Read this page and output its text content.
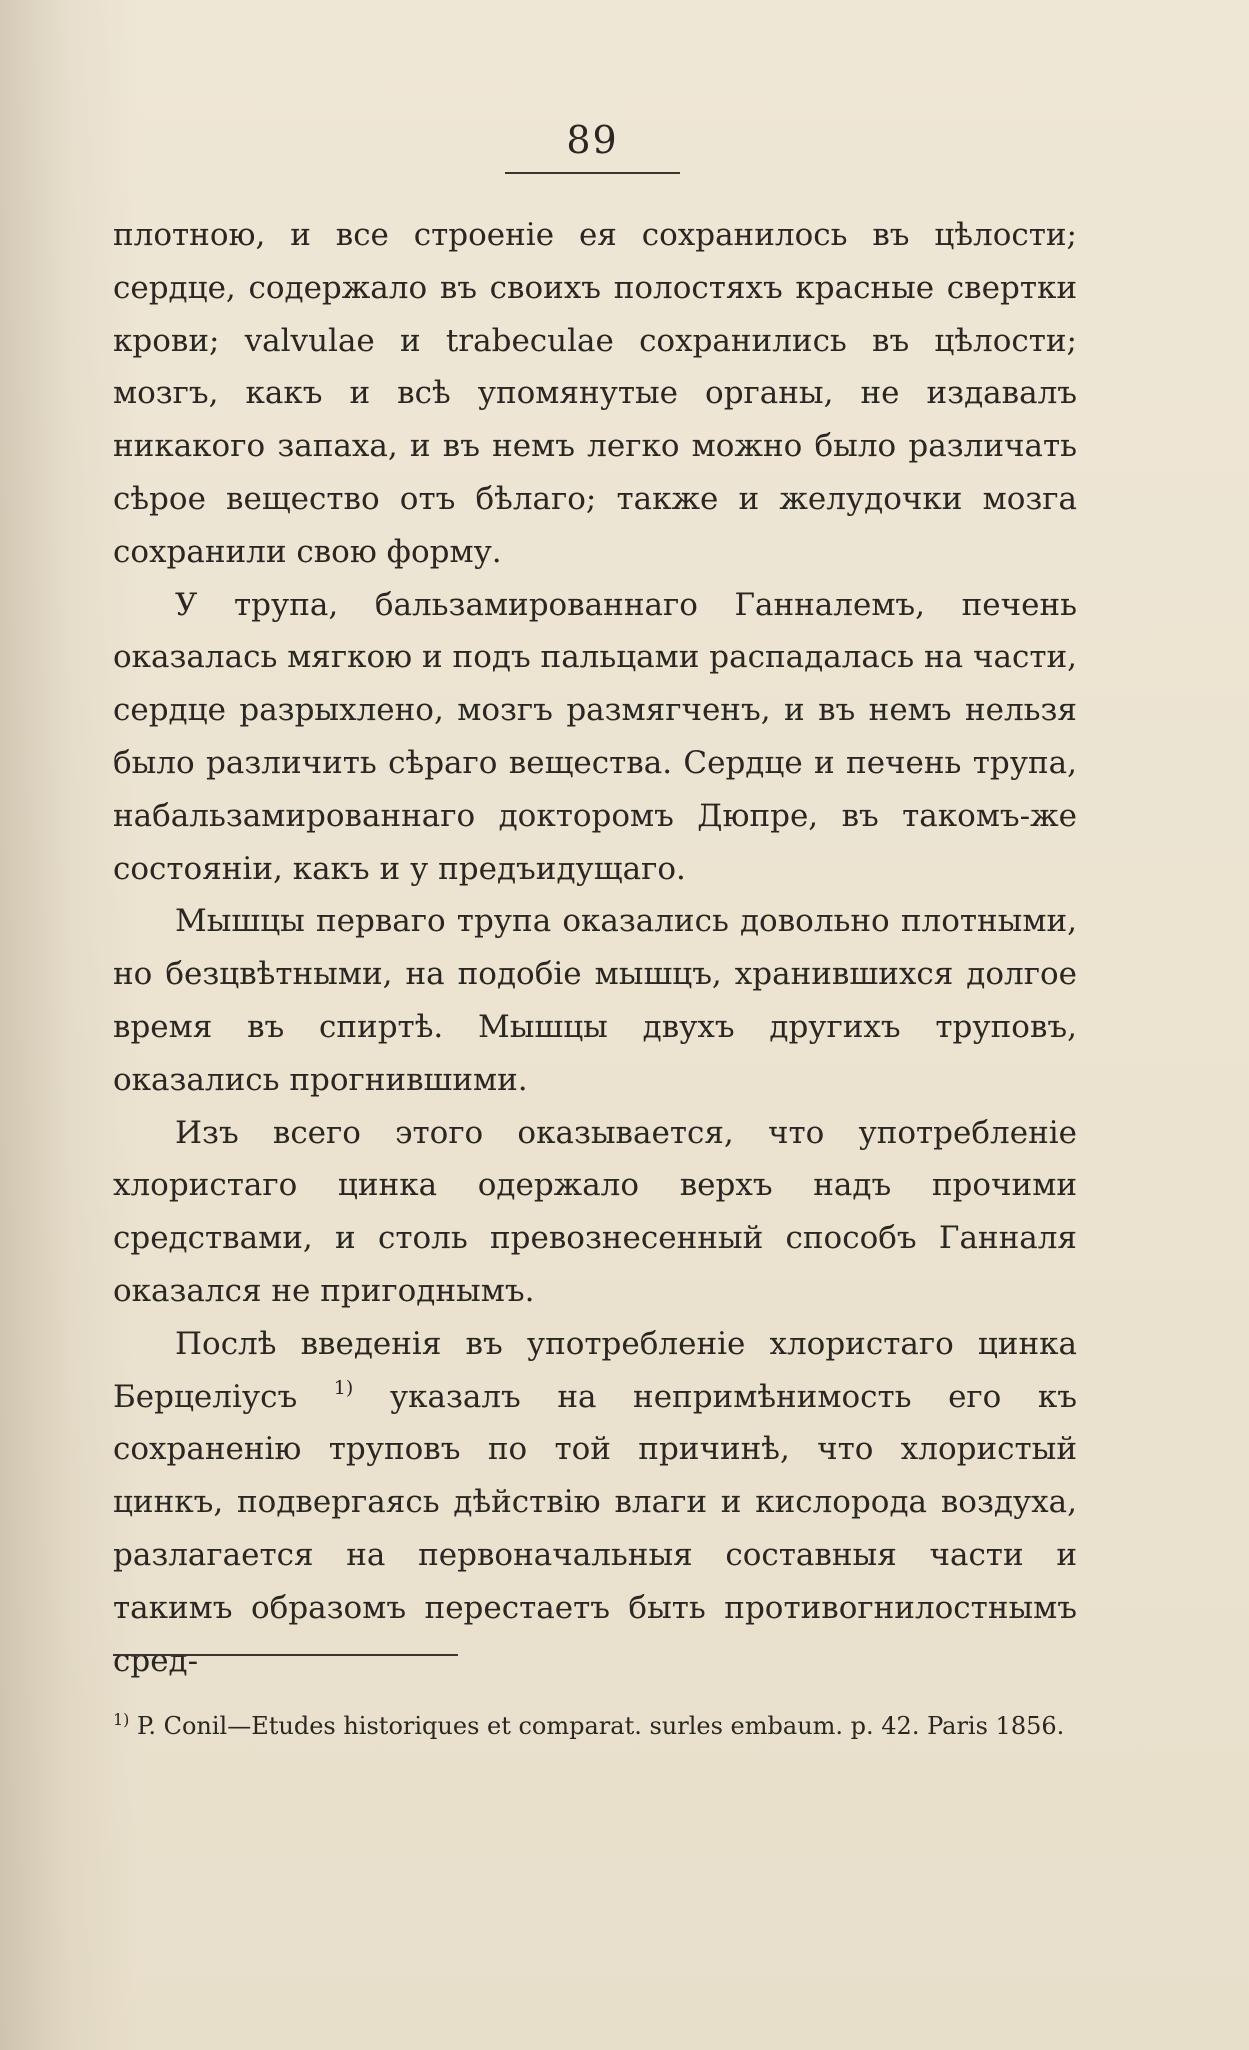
89

плотною, и все строеніе ея сохранилось въ цѣлости; сердце, содержало въ своихъ полостяхъ красные свертки крови; valvulae и trabeculae сохранились въ цѣлости; мозгъ, какъ и всѣ упомянутые органы, не издавалъ никакого запаха, и въ немъ легко можно было различать сѣрое вещество отъ бѣлаго; также и желудочки мозга сохранили свою форму.

У трупа, бальзамированнаго Ганналемъ, печень оказалась мягкою и подъ пальцами распадалась на части, сердце разрыхлено, мозгъ размягченъ, и въ немъ нельзя было различить сѣраго вещества. Сердце и печень трупа, набальзамированнаго докторомъ Дюпре, въ такомъ-же состояніи, какъ и у предъидущаго.

Мышцы перваго трупа оказались довольно плотными, но безцвѣтными, на подобіе мышцъ, хранившихся долгое время въ спиртѣ. Мышцы двухъ другихъ труповъ, оказались прогнившими.

Изъ всего этого оказывается, что употребленіе хлористаго цинка одержало верхъ надъ прочими средствами, и столь превознесенный способъ Ганналя оказался не пригоднымъ.

Послѣ введенія въ употребленіе хлористаго цинка Берцеліусъ $^{1)}$ указалъ на непримѣнимость его къ сохраненію труповъ по той причинѣ, что хлористый цинкъ, подвергаясь дѣйствію влаги и кислорода воздуха, разлагается на первоначальныя составныя части и такимъ образомъ перестаетъ быть противогнилостнымъ сред-

$^{1)}$ P. Conil—Etudes historiques et comparat. surles embaum. p. 42. Paris 1856.
